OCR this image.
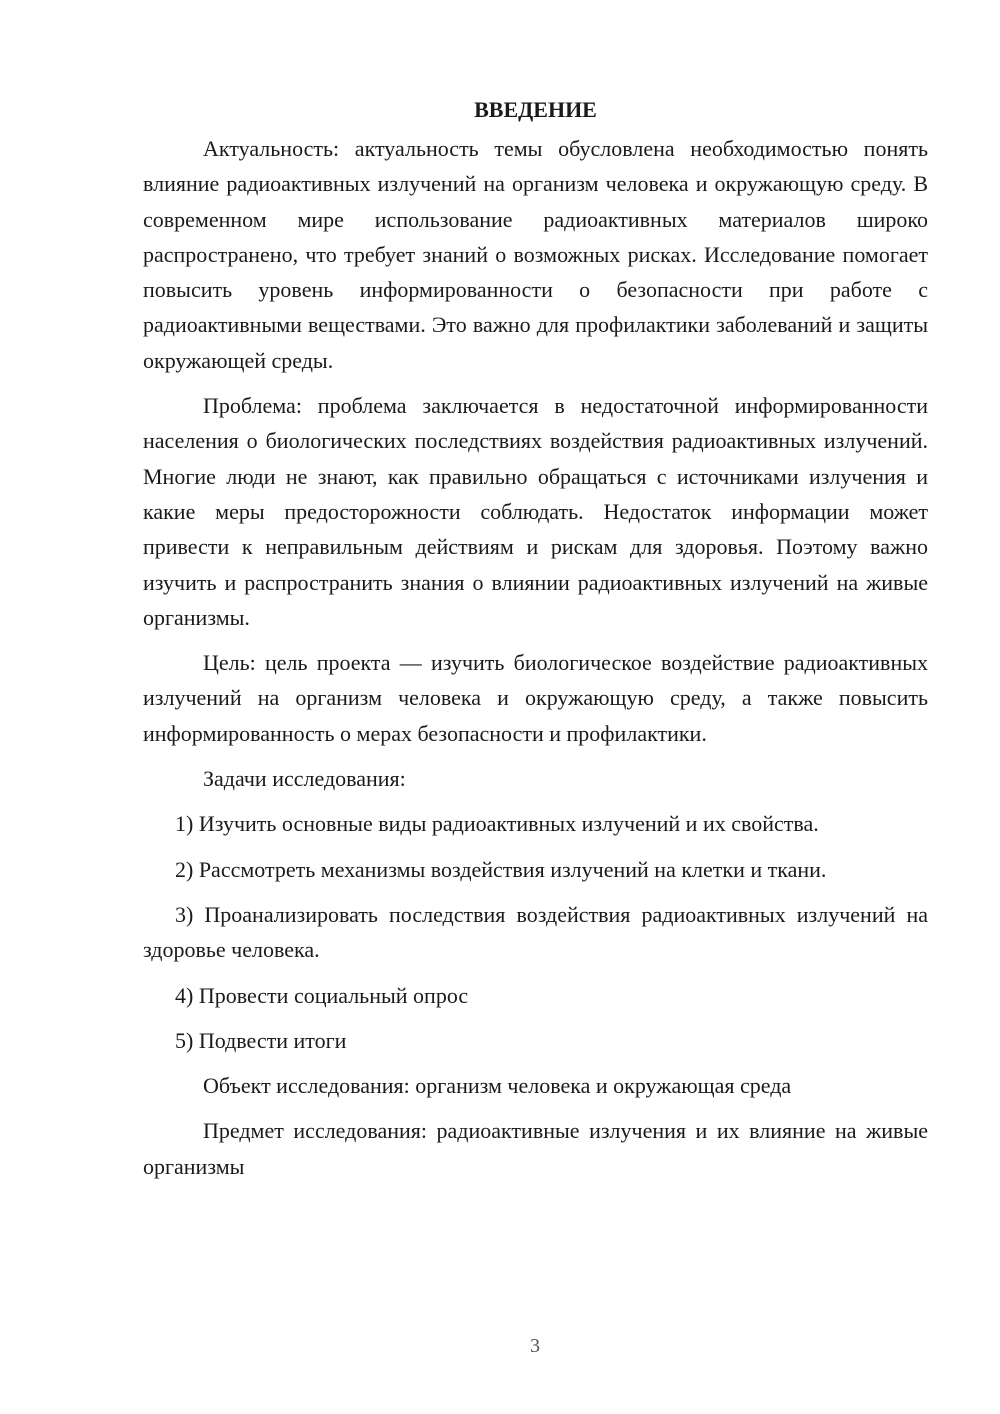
ВВЕДЕНИЕ

Актуальность: актуальность темы обусловлена необходимостью понять влияние радиоактивных излучений на организм человека и окружающую среду. В современном мире использование радиоактивных материалов широко распространено, что требует знаний о возможных рисках. Исследование помогает повысить уровень информированности о безопасности при работе с радиоактивными веществами. Это важно для профилактики заболеваний и защиты окружающей среды.

Проблема: проблема заключается в недостаточной информированности населения о биологических последствиях воздействия радиоактивных излучений. Многие люди не знают, как правильно обращаться с источниками излучения и какие меры предосторожности соблюдать. Недостаток информации может привести к неправильным действиям и рискам для здоровья. Поэтому важно изучить и распространить знания о влиянии радиоактивных излучений на живые организмы.

Цель: цель проекта — изучить биологическое воздействие радиоактивных излучений на организм человека и окружающую среду, а также повысить информированность о мерах безопасности и профилактики.

Задачи исследования:

1) Изучить основные виды радиоактивных излучений и их свойства.

2) Рассмотреть механизмы воздействия излучений на клетки и ткани.

3) Проанализировать последствия воздействия радиоактивных излучений на здоровье человека.

4) Провести социальный опрос

5) Подвести итоги

Объект исследования: организм человека и окружающая среда

Предмет исследования: радиоактивные излучения и их влияние на живые организмы

3
